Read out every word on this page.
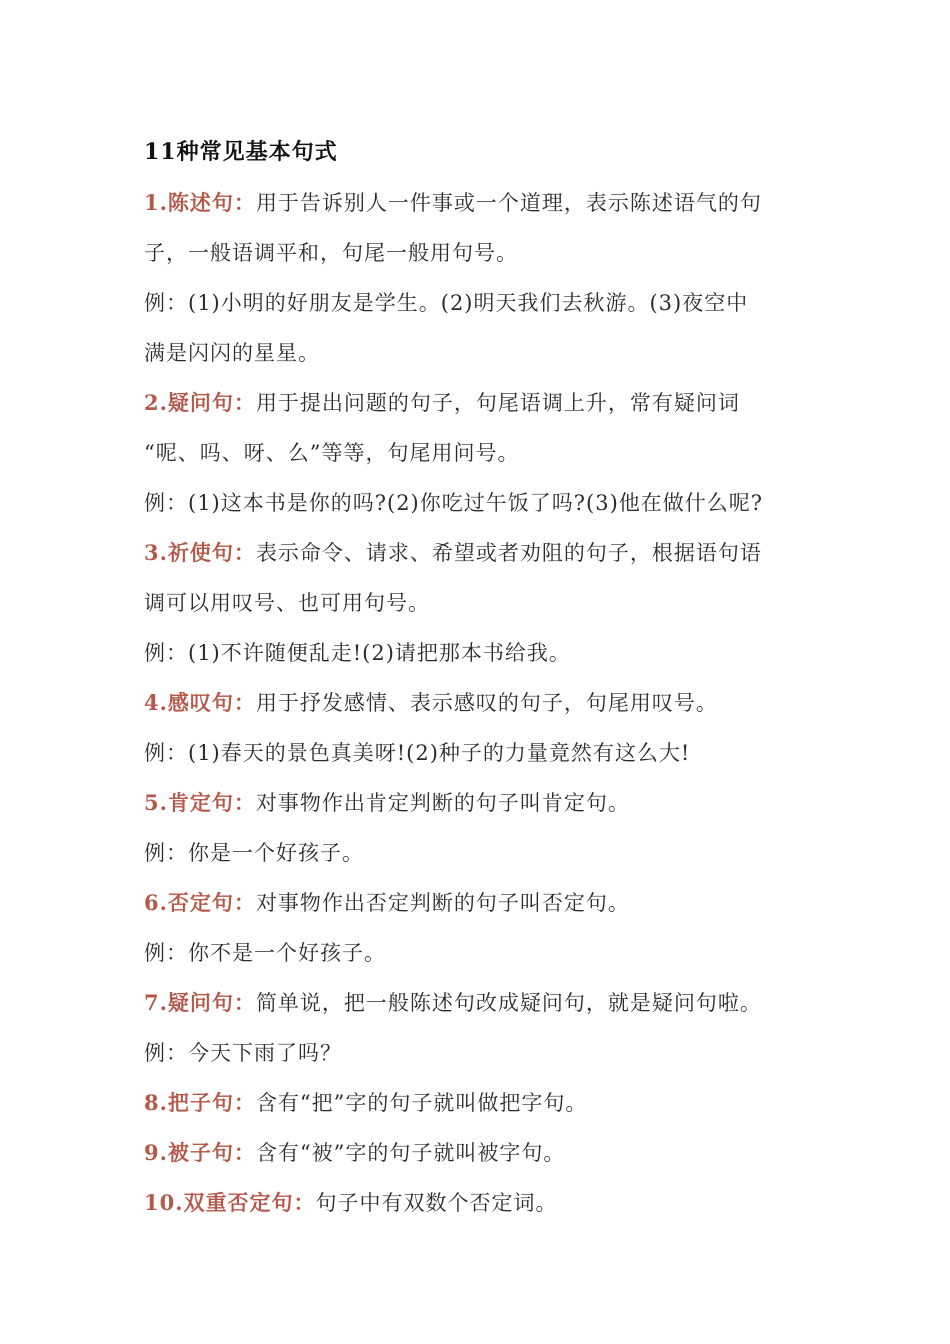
11种常见基本句式
1.陈述句：用于告诉别人一件事或一个道理，表示陈述语气的句
子，一般语调平和，句尾一般用句号。
例：(1)小明的好朋友是学生。(2)明天我们去秋游。(3)夜空中
满是闪闪的星星。
2.疑问句：用于提出问题的句子，句尾语调上升，常有疑问词
“呢、吗、呀、么”等等，句尾用问号。
例：(1)这本书是你的吗?(2)你吃过午饭了吗?(3)他在做什么呢?
3.祈使句：表示命令、请求、希望或者劝阻的句子，根据语句语
调可以用叹号、也可用句号。
例：(1)不许随便乱走!(2)请把那本书给我。
4.感叹句：用于抒发感情、表示感叹的句子，句尾用叹号。
例：(1)春天的景色真美呀!(2)种子的力量竟然有这么大!
5.肯定句：对事物作出肯定判断的句子叫肯定句。
例：你是一个好孩子。
6.否定句：对事物作出否定判断的句子叫否定句。
例：你不是一个好孩子。
7.疑问句：简单说，把一般陈述句改成疑问句，就是疑问句啦。
例：今天下雨了吗？
8.把子句：含有“把”字的句子就叫做把字句。
9.被子句：含有“被”字的句子就叫被字句。
10.双重否定句：句子中有双数个否定词。
